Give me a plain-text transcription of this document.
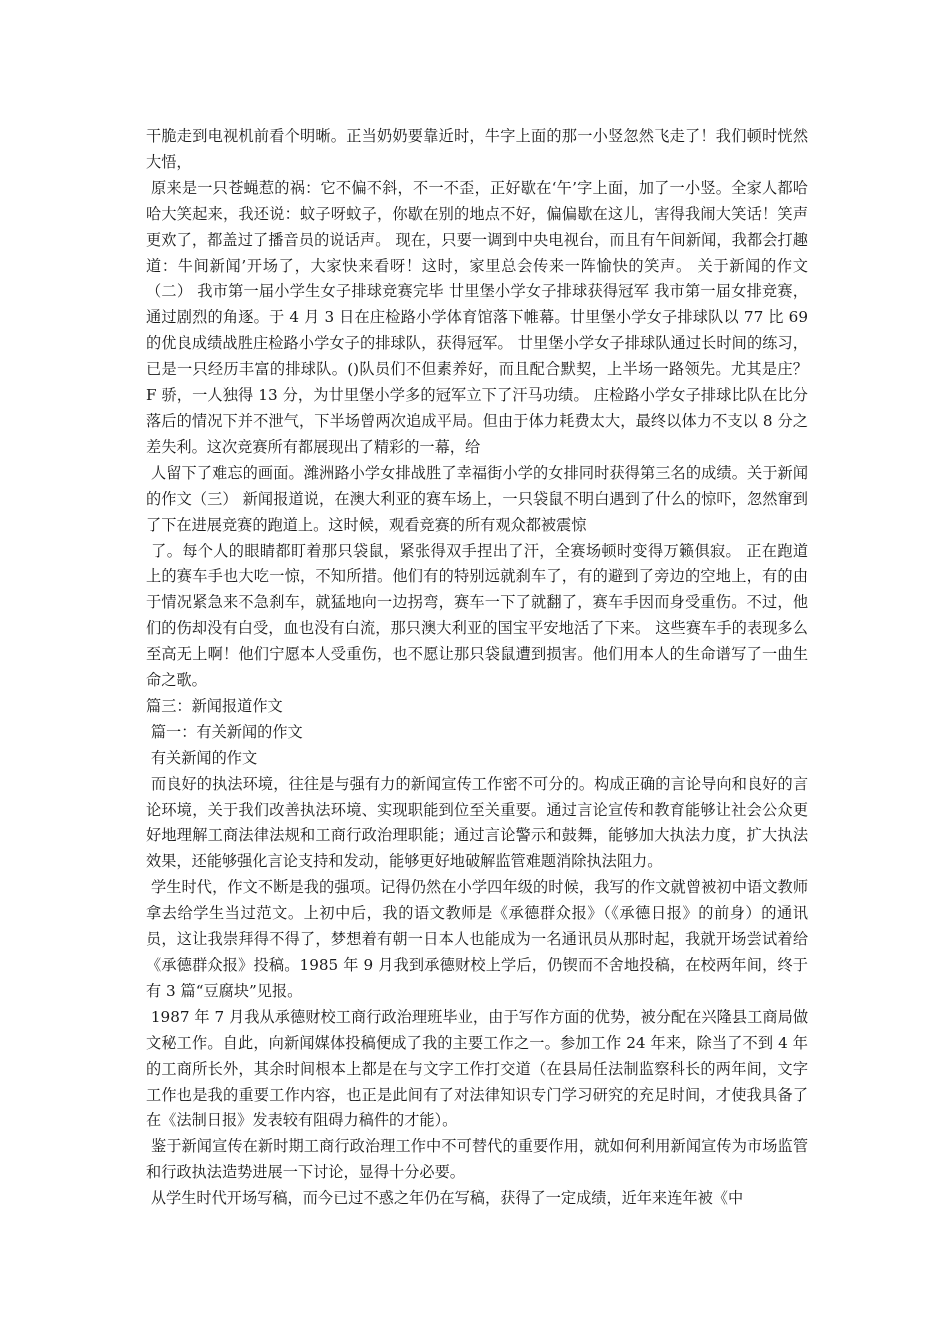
干脆走到电视机前看个明晰。正当奶奶要靠近时，牛字上面的那一小竖忽然飞走了！我们顿时恍然大悟，

原来是一只苍蝇惹的祸：它不偏不斜，不一不歪，正好歇在‘午’字上面，加了一小竖。全家人都哈哈大笑起来，我还说：蚊子呀蚊子，你歇在别的地点不好，偏偏歇在这儿，害得我闹大笑话！笑声更欢了，都盖过了播音员的说话声。 现在，只要一调到中央电视台，而且有午间新闻，我都会打趣道：牛间新闻’开场了，大家快来看呀！这时，家里总会传来一阵愉快的笑声。 关于新闻的作文（二） 我市第一届小学生女子排球竞赛完毕 廿里堡小学女子排球获得冠军 我市第一届女排竞赛，通过剧烈的角逐。于 4 月 3 日在庄检路小学体育馆落下帷幕。廿里堡小学女子排球队以 77 比 69 的优良成绩战胜庄检路小学女子的排球队，获得冠军。 廿里堡小学女子排球队通过长时间的练习，已是一只经历丰富的排球队。()队员们不但素养好，而且配合默契，上半场一路领先。尤其是庄？ F 骄，一人独得 13 分，为廿里堡小学多的冠军立下了汗马功绩。 庄检路小学女子排球比队在比分落后的情况下并不泄气，下半场曾两次追成平局。但由于体力耗费太大，最终以体力不支以 8 分之差失利。这次竞赛所有都展现出了精彩的一幕，给

人留下了难忘的画面。潍洲路小学女排战胜了幸福街小学的女排同时获得第三名的成绩。关于新闻的作文（三） 新闻报道说，在澳大利亚的赛车场上，一只袋鼠不明白遇到了什么的惊吓，忽然窜到了下在进展竞赛的跑道上。这时候，观看竞赛的所有观众都被震惊

了。每个人的眼睛都盯着那只袋鼠，紧张得双手捏出了汗，全赛场顿时变得万籁俱寂。 正在跑道上的赛车手也大吃一惊，不知所措。他们有的特别远就刹车了，有的避到了旁边的空地上，有的由于情况紧急来不急刹车，就猛地向一边拐弯，赛车一下了就翻了，赛车手因而身受重伤。不过，他们的伤却没有白受，血也没有白流，那只澳大利亚的国宝平安地活了下来。 这些赛车手的表现多么至高无上啊！他们宁愿本人受重伤，也不愿让那只袋鼠遭到损害。他们用本人的生命谱写了一曲生命之歌。

篇三：新闻报道作文

篇一：有关新闻的作文

有关新闻的作文

而良好的执法环境，往往是与强有力的新闻宣传工作密不可分的。构成正确的言论导向和良好的言论环境，关于我们改善执法环境、实现职能到位至关重要。通过言论宣传和教育能够让社会公众更好地理解工商法律法规和工商行政治理职能；通过言论警示和鼓舞，能够加大执法力度，扩大执法效果，还能够强化言论支持和发动，能够更好地破解监管难题消除执法阻力。

学生时代，作文不断是我的强项。记得仍然在小学四年级的时候，我写的作文就曾被初中语文教师拿去给学生当过范文。上初中后，我的语文教师是《承德群众报》（《承德日报》的前身）的通讯员，这让我崇拜得不得了，梦想着有朝一日本人也能成为一名通讯员从那时起，我就开场尝试着给《承德群众报》投稿。1985 年 9 月我到承德财校上学后，仍锲而不舍地投稿，在校两年间，终于有 3 篇“豆腐块”见报。

1987 年 7 月我从承德财校工商行政治理班毕业，由于写作方面的优势，被分配在兴隆县工商局做文秘工作。自此，向新闻媒体投稿便成了我的主要工作之一。参加工作 24 年来，除当了不到 4 年的工商所长外，其余时间根本上都是在与文字工作打交道（在县局任法制监察科长的两年间，文字工作也是我的重要工作内容，也正是此间有了对法律知识专门学习研究的充足时间，才使我具备了在《法制日报》发表较有阻碍力稿件的才能）。

鉴于新闻宣传在新时期工商行政治理工作中不可替代的重要作用，就如何利用新闻宣传为市场监管和行政执法造势进展一下讨论，显得十分必要。

从学生时代开场写稿，而今已过不惑之年仍在写稿，获得了一定成绩，近年来连年被《中
